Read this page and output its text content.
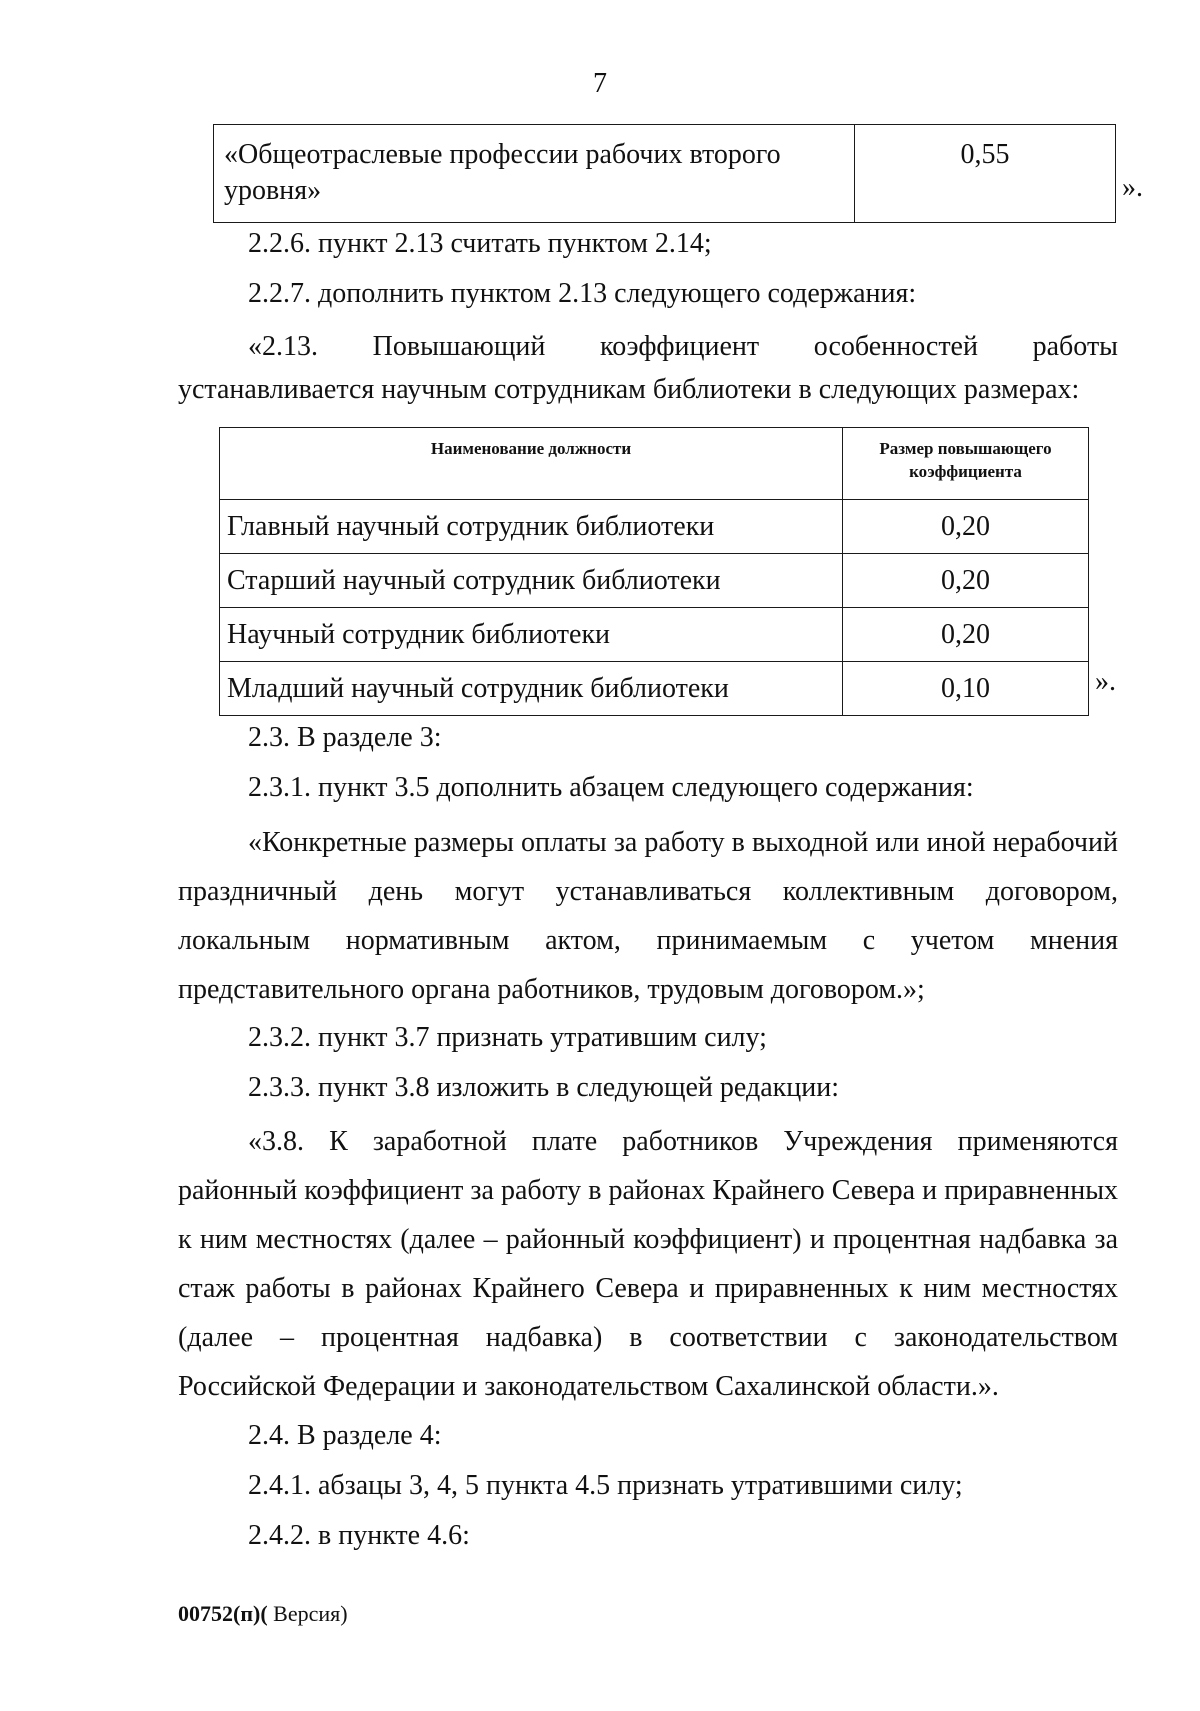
7
«Общеотраслевые профессии рабочих второго уровня»	0,55
».
2.2.6. пункт 2.13 считать пунктом 2.14;
2.2.7. дополнить пунктом 2.13 следующего содержания:
«2.13. Повышающий коэффициент особенностей работы
устанавливается научным сотрудникам библиотеки в следующих размерах:
Наименование должности	Размер повышающего коэффициента
Главный научный сотрудник библиотеки	0,20
Старший научный сотрудник библиотеки	0,20
Научный сотрудник библиотеки	0,20
Младший научный сотрудник библиотеки	0,10	».
2.3. В разделе 3:
2.3.1. пункт 3.5 дополнить абзацем следующего содержания:
«Конкретные размеры оплаты за работу в выходной или иной нерабочий
праздничный день могут устанавливаться коллективным договором,
локальным нормативным актом, принимаемым с учетом мнения
представительного органа работников, трудовым договором.»;
2.3.2. пункт 3.7 признать утратившим силу;
2.3.3. пункт 3.8 изложить в следующей редакции:
«3.8. К заработной плате работников Учреждения применяются
районный коэффициент за работу в районах Крайнего Севера и приравненных
к ним местностях (далее – районный коэффициент) и процентная надбавка за
стаж работы в районах Крайнего Севера и приравненных к ним местностях
(далее – процентная надбавка) в соответствии с законодательством
Российской Федерации и законодательством Сахалинской области.».
2.4. В разделе 4:
2.4.1. абзацы 3, 4, 5 пункта 4.5 признать утратившими силу;
2.4.2. в пункте 4.6:
00752(п)( Версия)
